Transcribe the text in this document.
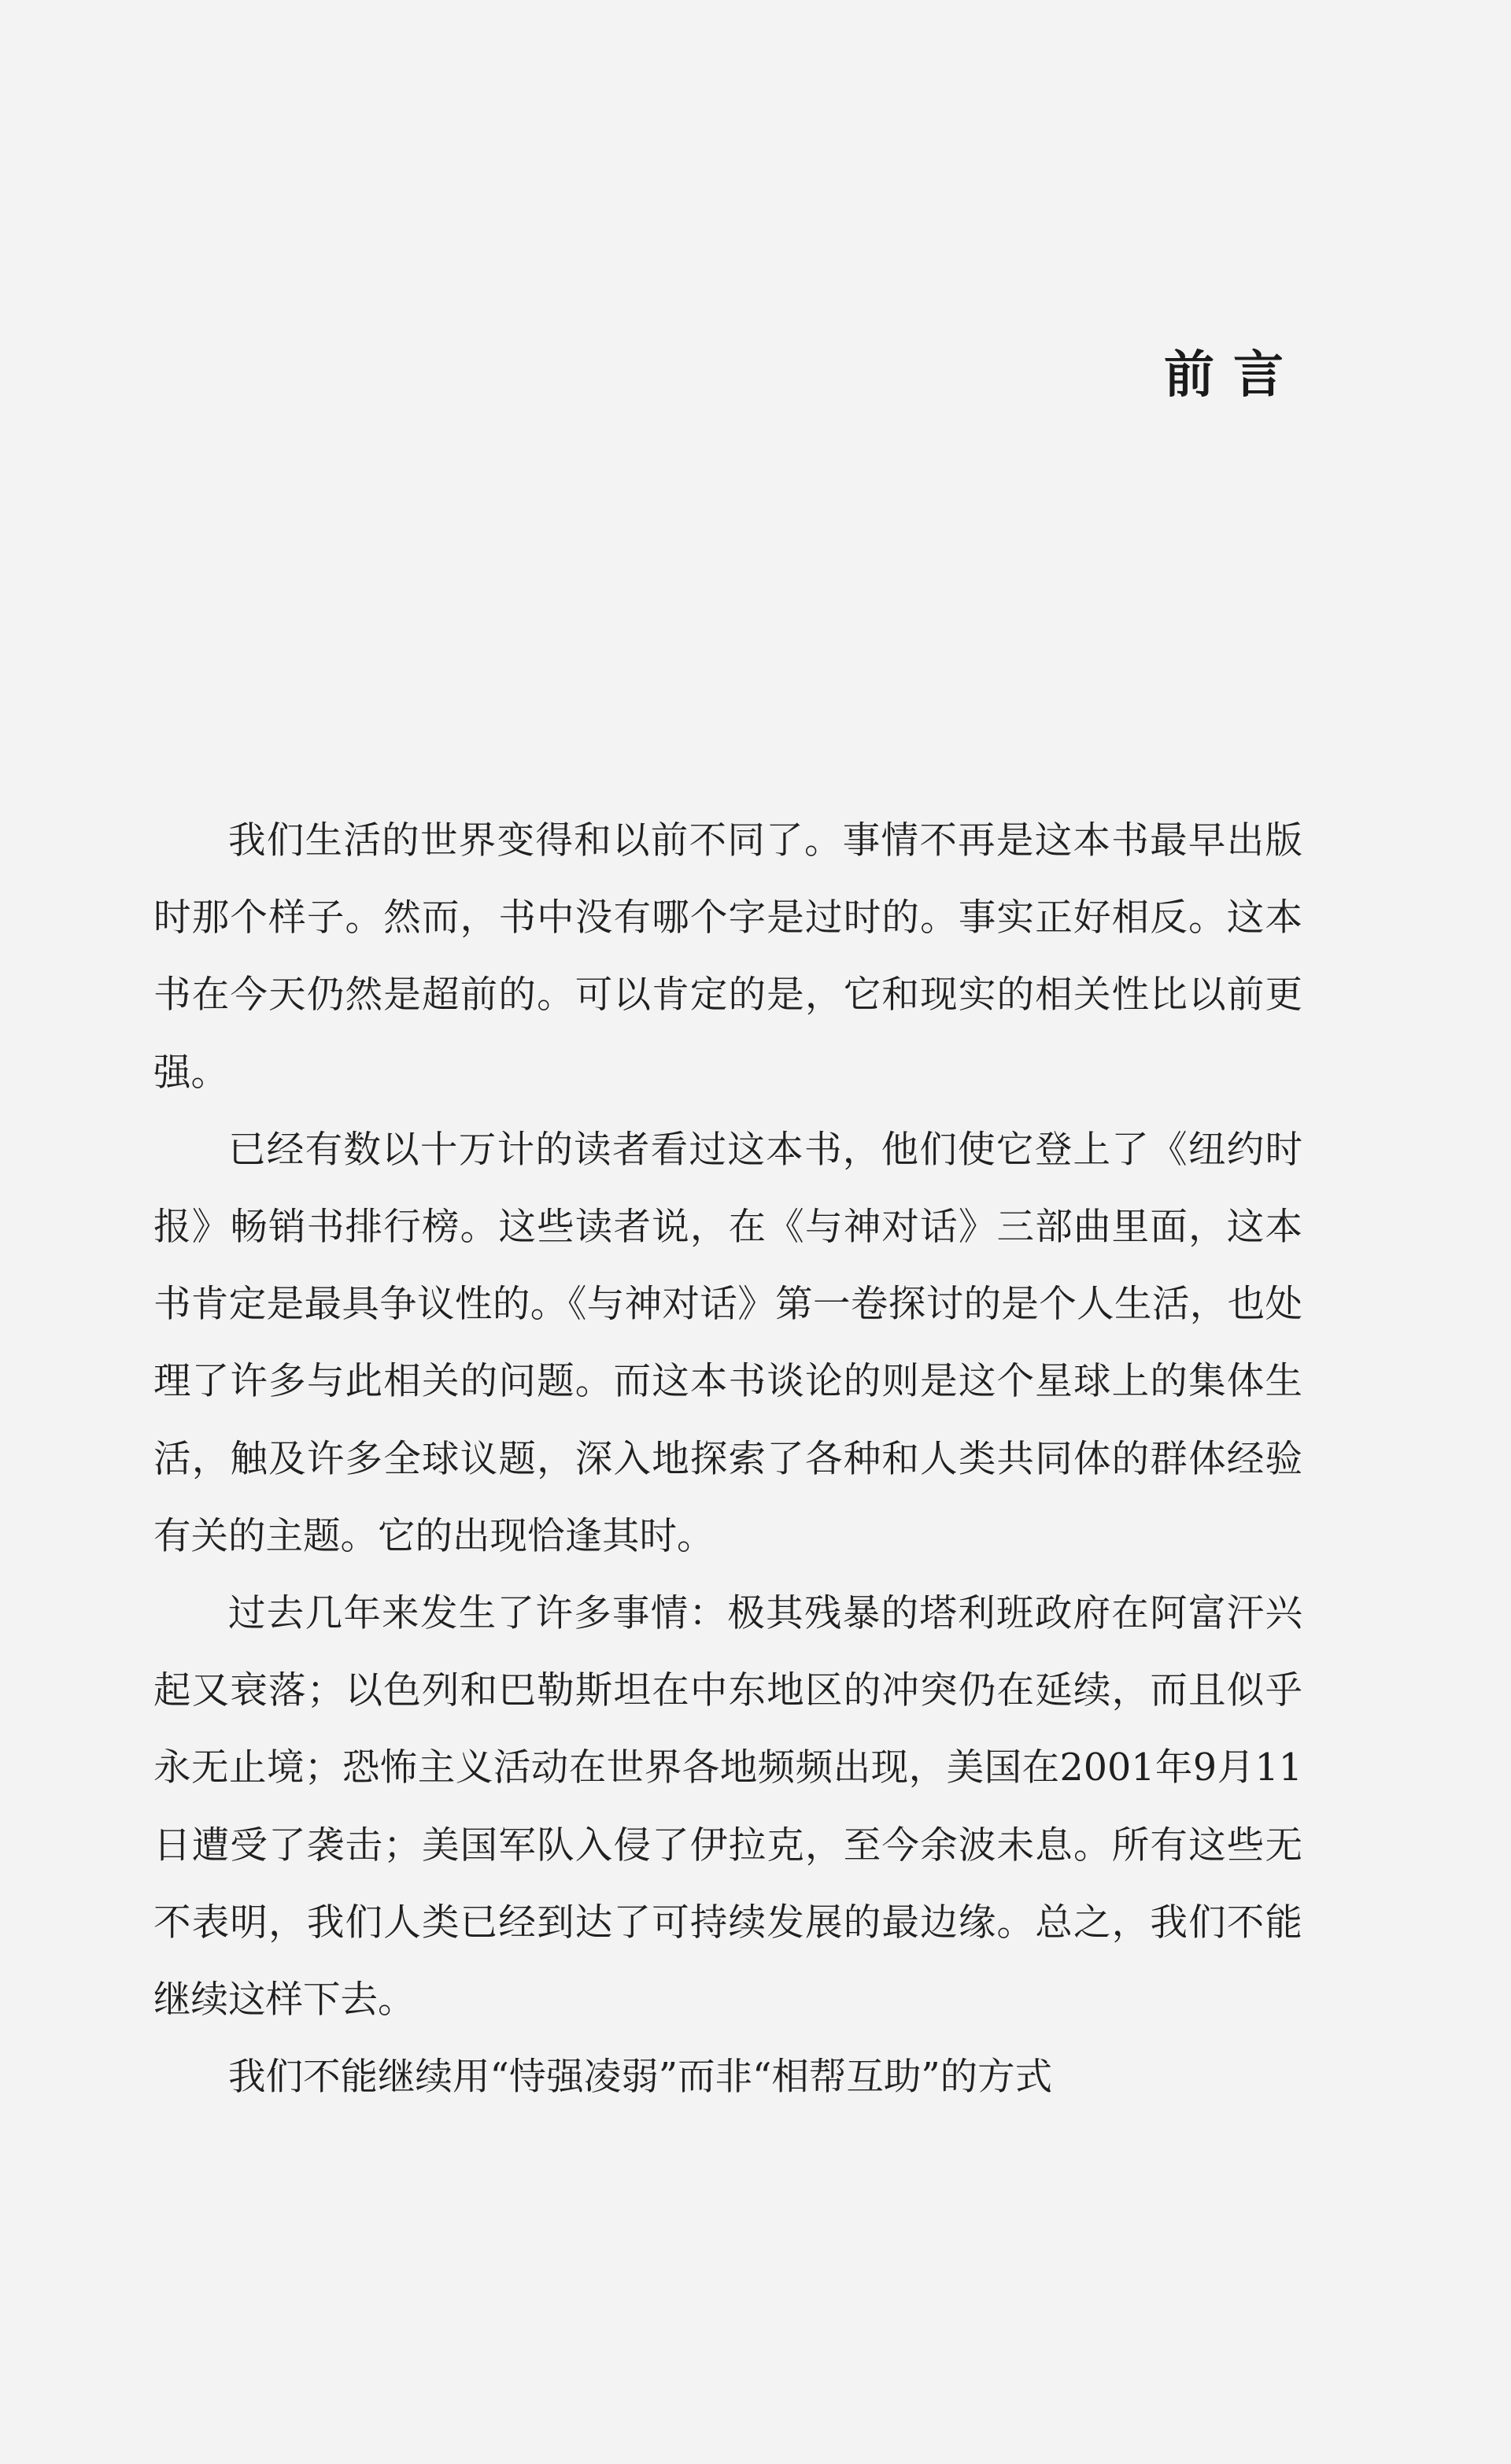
前言

我们生活的世界变得和以前不同了。事情不再是这本书最早出版时那个样子。然而，书中没有哪个字是过时的。事实正好相反。这本书在今天仍然是超前的。可以肯定的是，它和现实的相关性比以前更强。

已经有数以十万计的读者看过这本书，他们使它登上了《纽约时报》畅销书排行榜。这些读者说，在《与神对话》三部曲里面，这本书肯定是最具争议性的。《与神对话》第一卷探讨的是个人生活，也处理了许多与此相关的问题。而这本书谈论的则是这个星球上的集体生活，触及许多全球议题，深入地探索了各种和人类共同体的群体经验有关的主题。它的出现恰逢其时。

过去几年来发生了许多事情：极其残暴的塔利班政府在阿富汗兴起又衰落；以色列和巴勒斯坦在中东地区的冲突仍在延续，而且似乎永无止境；恐怖主义活动在世界各地频频出现，美国在2001年9月11日遭受了袭击；美国军队入侵了伊拉克，至今余波未息。所有这些无不表明，我们人类已经到达了可持续发展的最边缘。总之，我们不能继续这样下去。

我们不能继续用“恃强凌弱”而非“相帮互助”的方式
